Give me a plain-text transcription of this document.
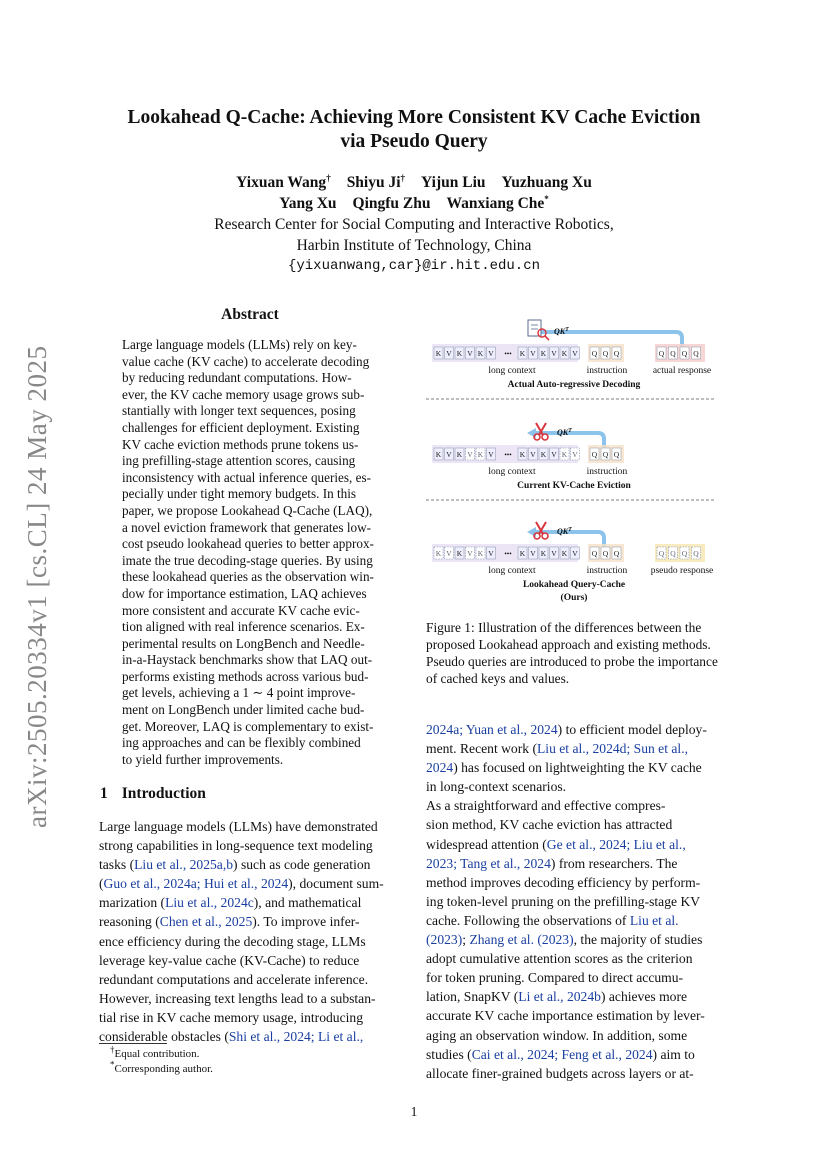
Lookahead Q-Cache: Achieving More Consistent KV Cache Eviction
via Pseudo Query
Yixuan Wang† Shiyu Ji† Yijun Liu Yuzhuang Xu
Yang Xu Qingfu Zhu Wanxiang Che*
Research Center for Social Computing and Interactive Robotics,
Harbin Institute of Technology, China
{yixuanwang,car}@ir.hit.edu.cn
arXiv:2505.20334v1 [cs.CL] 24 May 2025
Abstract
Large language models (LLMs) rely on key-
value cache (KV cache) to accelerate decoding
by reducing redundant computations. How-
ever, the KV cache memory usage grows sub-
stantially with longer text sequences, posing
challenges for efficient deployment. Existing
KV cache eviction methods prune tokens us-
ing prefilling-stage attention scores, causing
inconsistency with actual inference queries, es-
pecially under tight memory budgets. In this
paper, we propose Lookahead Q-Cache (LAQ),
a novel eviction framework that generates low-
cost pseudo lookahead queries to better approx-
imate the true decoding-stage queries. By using
these lookahead queries as the observation win-
dow for importance estimation, LAQ achieves
more consistent and accurate KV cache evic-
tion aligned with real inference scenarios. Ex-
perimental results on LongBench and Needle-
in-a-Haystack benchmarks show that LAQ out-
performs existing methods across various bud-
get levels, achieving a 1 ∼ 4 point improve-
ment on LongBench under limited cache bud-
get. Moreover, LAQ is complementary to exist-
ing approaches and can be flexibly combined
to yield further improvements.
1 Introduction
Large language models (LLMs) have demonstrated
strong capabilities in long-sequence text modeling
tasks (Liu et al., 2025a,b) such as code generation
(Guo et al., 2024a; Hui et al., 2024), document sum-
marization (Liu et al., 2024c), and mathematical
reasoning (Chen et al., 2025). To improve infer-
ence efficiency during the decoding stage, LLMs
leverage key-value cache (KV-Cache) to reduce
redundant computations and accelerate inference.
However, increasing text lengths lead to a substan-
tial rise in KV cache memory usage, introducing
considerable obstacles (Shi et al., 2024; Li et al.,
2024a; Yuan et al., 2024) to efficient model deploy-
ment. Recent work (Liu et al., 2024d; Sun et al.,
2024) has focused on lightweighting the KV cache
in long-context scenarios.
As a straightforward and effective compres-
sion method, KV cache eviction has attracted
widespread attention (Ge et al., 2024; Liu et al.,
2023; Tang et al., 2024) from researchers. The
method improves decoding efficiency by perform-
ing token-level pruning on the prefilling-stage KV
cache. Following the observations of Liu et al.
(2023); Zhang et al. (2023), the majority of studies
adopt cumulative attention scores as the criterion
for token pruning. Compared to direct accumu-
lation, SnapKV (Li et al., 2024b) achieves more
accurate KV cache importance estimation by lever-
aging an observation window. In addition, some
studies (Cai et al., 2024; Feng et al., 2024) aim to
allocate finer-grained budgets across layers or at-
$QK^T$
K V K V K V ••• K V K V K V Q Q Q	Q Q Q Q
long context	instruction	actual response
Actual Auto-regressive Decoding
$QK^T$
K V K V K V ••• K V K V K V Q Q Q
long context	instruction
Current KV-Cache Eviction
$QK^T$
K V K V K V ••• K V K V K V Q Q Q	Q Q Q Q
long context	instruction pseudo response
Lookahead Query-Cache
(Ours)
Figure 1: Illustration of the differences between the
proposed Lookahead approach and existing methods.
Pseudo queries are introduced to probe the importance
of cached keys and values.
†Equal contribution.
*Corresponding author.
1
